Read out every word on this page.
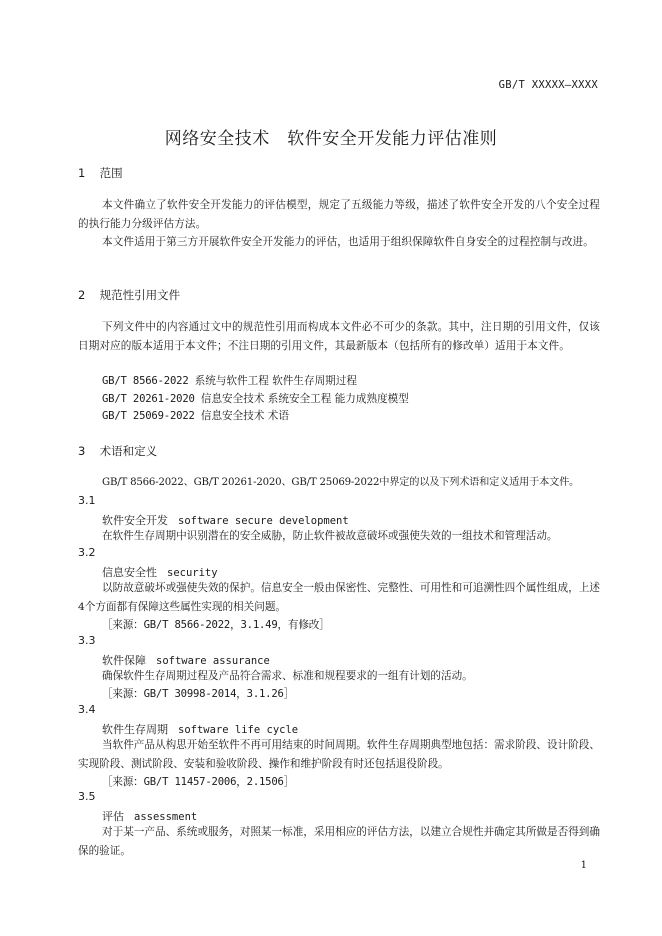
GB/T XXXXX—XXXX
网络安全技术　软件安全开发能力评估准则
1 范围
本文件确立了软件安全开发能力的评估模型，规定了五级能力等级，描述了软件安全开发的八个安全过程的执行能力分级评估方法。
本文件适用于第三方开展软件安全开发能力的评估，也适用于组织保障软件自身安全的过程控制与改进。
2 规范性引用文件
下列文件中的内容通过文中的规范性引用而构成本文件必不可少的条款。其中，注日期的引用文件，仅该日期对应的版本适用于本文件；不注日期的引用文件，其最新版本（包括所有的修改单）适用于本文件。
GB/T 8566-2022 系统与软件工程 软件生存周期过程
GB/T 20261-2020 信息安全技术 系统安全工程 能力成熟度模型
GB/T 25069-2022 信息安全技术 术语
3 术语和定义
GB/T 8566-2022、GB/T 20261-2020、GB/T 25069-2022中界定的以及下列术语和定义适用于本文件。
3.1
软件安全开发 software secure development
在软件生存周期中识别潜在的安全威胁，防止软件被故意破坏或强使失效的一组技术和管理活动。
3.2
信息安全性 security
以防故意破坏或强使失效的保护。信息安全一般由保密性、完整性、可用性和可追溯性四个属性组成，上述4个方面都有保障这些属性实现的相关问题。
［来源：GB/T 8566-2022，3.1.49，有修改］
3.3
软件保障 software assurance
确保软件生存周期过程及产品符合需求、标准和规程要求的一组有计划的活动。
［来源：GB/T 30998-2014，3.1.26］
3.4
软件生存周期 software life cycle
当软件产品从构思开始至软件不再可用结束的时间周期。软件生存周期典型地包括：需求阶段、设计阶段、实现阶段、测试阶段、安装和验收阶段、操作和维护阶段有时还包括退役阶段。
［来源：GB/T 11457-2006，2.1506］
3.5
评估 assessment
对于某一产品、系统或服务，对照某一标准，采用相应的评估方法，以建立合规性并确定其所做是否得到确保的验证。
1
